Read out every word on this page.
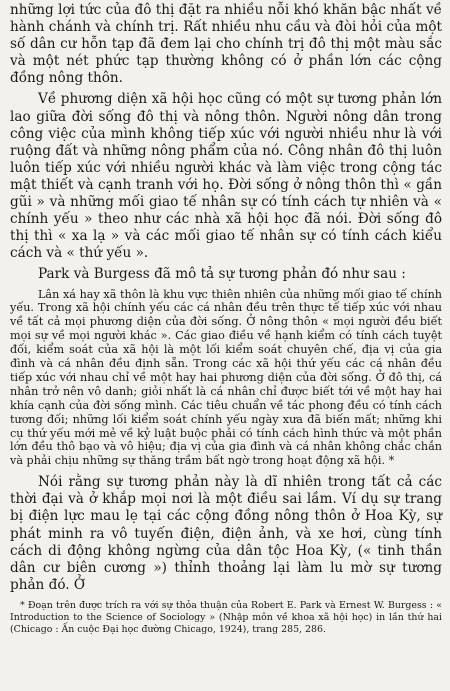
những lợi tức của đô thị đặt ra nhiều nỗi khó khăn bậc nhất về hành chánh và chính trị. Rất nhiều nhu cầu và đòi hỏi của một số dân cư hỗn tạp đã đem lại cho chính trị đô thị một màu sắc và một nét phức tạp thường không có ở phần lớn các cộng đồng nông thôn.

Về phương diện xã hội học cũng có một sự tương phản lớn lao giữa đời sống đô thị và nông thôn. Người nông dân trong công việc của mình không tiếp xúc với người nhiều như là với ruộng đất và những nông phẩm của nó. Công nhân đô thị luôn luôn tiếp xúc với nhiều người khác và làm việc trong cộng tác mật thiết và cạnh tranh với họ. Đời sống ở nông thôn thì « gần gũi » và những mối giao tế nhân sự có tính cách tự nhiên và « chính yếu » theo như các nhà xã hội học đã nói. Đời sống đô thị thì « xa lạ » và các mối giao tế nhân sự có tính cách kiểu cách và « thứ yếu ».

Park và Burgess đã mô tả sự tương phản đó như sau :

Lân xá hay xã thôn là khu vực thiên nhiên của những mối giao tế chính yếu. Trong xã hội chính yếu các cá nhân đều trên thực tế tiếp xúc với nhau về tất cả mọi phương diện của đời sống. Ở nông thôn « mọi người đều biết mọi sự về mọi người khác ». Các giao điều về hạnh kiểm có tính cách tuyệt đối, kiểm soát của xã hội là một lối kiểm soát chuyên chế, địa vị của gia đình và cá nhân đều định sẵn. Trong các xã hội thứ yếu các cá nhân đều tiếp xúc với nhau chỉ về một hay hai phương diện của đời sống. Ở đô thị, cá nhân trở nên vô danh; giỏi nhất là cá nhân chỉ được biết tới về một hay hai khía cạnh của đời sống mình. Các tiêu chuẩn về tác phong đều có tính cách tương đối; những lối kiểm soát chính yếu ngày xưa đã biến mất; những khi cụ thứ yếu mới mẻ về kỷ luật buộc phải có tính cách hình thức và một phần lớn đều thô bạo và vô hiệu; địa vị của gia đình và cá nhân không chắc chắn và phải chịu những sự thăng trầm bất ngờ trong hoạt động xã hội. *

Nói rằng sự tương phản này là dĩ nhiên trong tất cả các thời đại và ở khắp mọi nơi là một điều sai lầm. Ví dụ sự trang bị điện lực mau lẹ tại các cộng đồng nông thôn ở Hoa Kỳ, sự phát minh ra vô tuyến điện, điện ảnh, và xe hơi, cùng tính cách di động không ngừng của dân tộc Hoa Kỳ, (« tinh thần dân cư biên cương ») thỉnh thoảng lại làm lu mờ sự tương phản đó. Ở

* Đoạn trên được trích ra với sự thỏa thuận của Robert E. Park và Ernest W. Burgess : « Introduction to the Science of Sociology » (Nhập môn về khoa xã hội học) in lần thứ hai (Chicago : Ấn cuộc Đại học đường Chicago, 1924), trang 285, 286.
